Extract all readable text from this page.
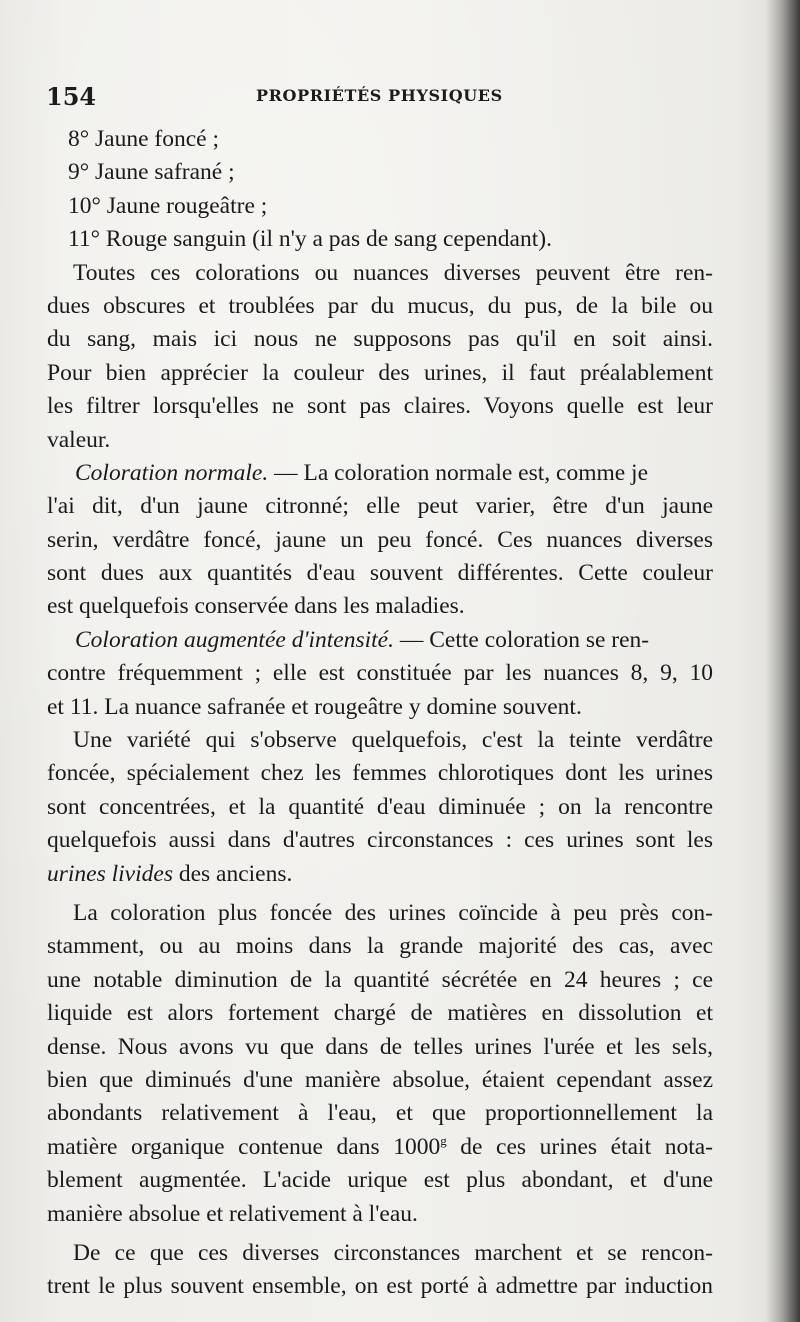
154	PROPRIÉTÉS PHYSIQUES
8° Jaune foncé ;
9° Jaune safrané ;
10° Jaune rougeâtre ;
11° Rouge sanguin (il n'y a pas de sang cependant).
Toutes ces colorations ou nuances diverses peuvent être ren-
dues obscures et troublées par du mucus, du pus, de la bile ou
du sang, mais ici nous ne supposons pas qu'il en soit ainsi.
Pour bien apprécier la couleur des urines, il faut préalablement
les filtrer lorsqu'elles ne sont pas claires. Voyons quelle est leur
valeur.
Coloration normale. — La coloration normale est, comme je
l'ai dit, d'un jaune citronné; elle peut varier, être d'un jaune
serin, verdâtre foncé, jaune un peu foncé. Ces nuances diverses
sont dues aux quantités d'eau souvent différentes. Cette couleur
est quelquefois conservée dans les maladies.
Coloration augmentée d'intensité. — Cette coloration se ren-
contre fréquemment ; elle est constituée par les nuances 8, 9, 10
et 11. La nuance safranée et rougeâtre y domine souvent.
Une variété qui s'observe quelquefois, c'est la teinte verdâtre
foncée, spécialement chez les femmes chlorotiques dont les urines
sont concentrées, et la quantité d'eau diminuée ; on la rencontre
quelquefois aussi dans d'autres circonstances : ces urines sont les
urines livides des anciens.
La coloration plus foncée des urines coïncide à peu près con-
stamment, ou au moins dans la grande majorité des cas, avec
une notable diminution de la quantité sécrétée en 24 heures ; ce
liquide est alors fortement chargé de matières en dissolution et
dense. Nous avons vu que dans de telles urines l'urée et les sels,
bien que diminués d'une manière absolue, étaient cependant assez
abondants relativement à l'eau, et que proportionnellement la
matière organique contenue dans 1000$^g$ de ces urines était nota-
blement augmentée. L'acide urique est plus abondant, et d'une
manière absolue et relativement à l'eau.
De ce que ces diverses circonstances marchent et se rencon-
trent le plus souvent ensemble, on est porté à admettre par induction
